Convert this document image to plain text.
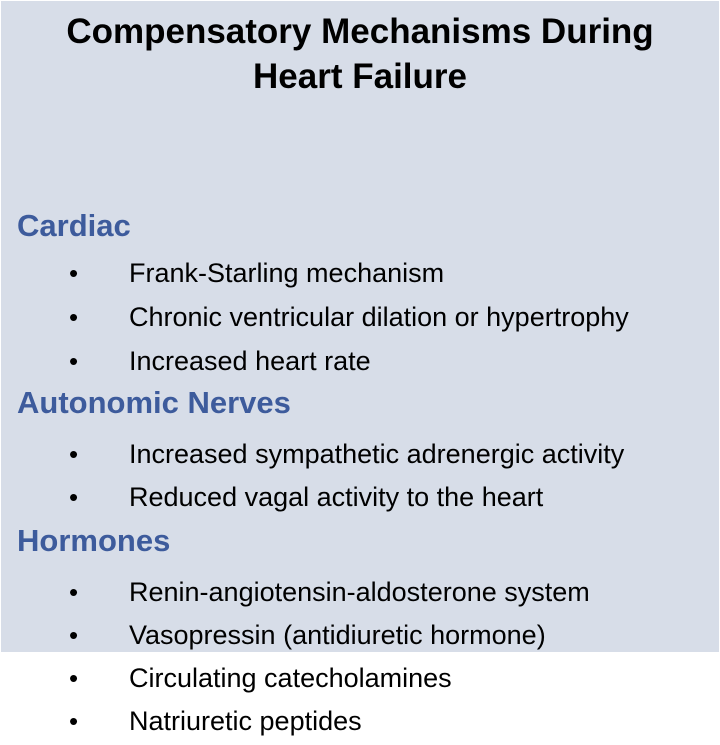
Compensatory Mechanisms During
Heart Failure
Cardiac
• Frank-Starling mechanism
• Chronic ventricular dilation or hypertrophy
• Increased heart rate
Autonomic Nerves
• Increased sympathetic adrenergic activity
• Reduced vagal activity to the heart
Hormones
• Renin-angiotensin-aldosterone system
• Vasopressin (antidiuretic hormone)
• Circulating catecholamines
• Natriuretic peptides
